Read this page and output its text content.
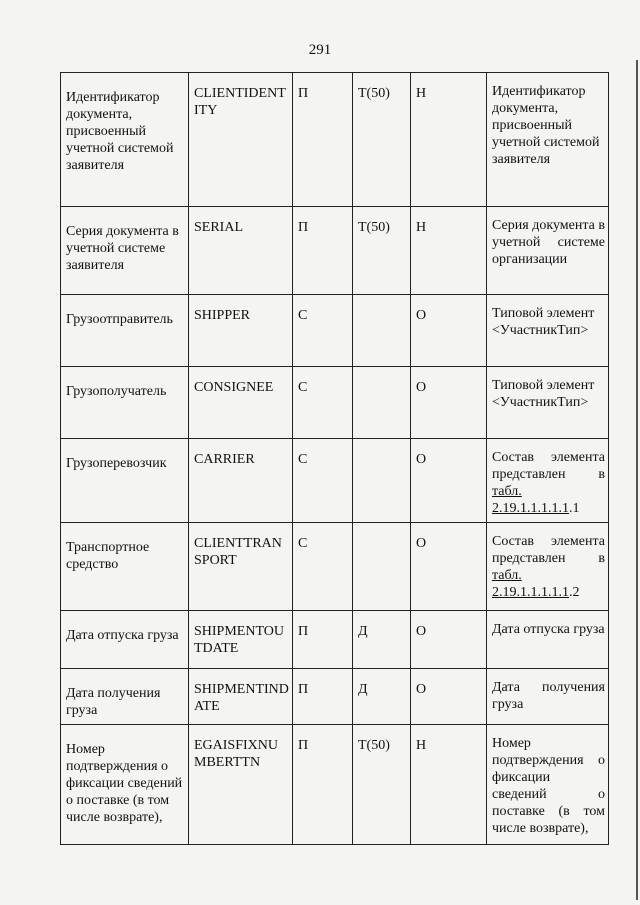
291
Идентификатор документа, присвоенный учетной системой заявителя	CLIENTIDENTITY	П	Т(50)	Н	Идентификатор документа, присвоенный учетной системой заявителя
Серия документа в учетной системе заявителя	SERIAL	П	Т(50)	Н	Серия документа в учетной системе организации
Грузоотправитель	SHIPPER	С		О	Типовой элемент <УчастникТип>
Грузополучатель	CONSIGNEE	С		О	Типовой элемент <УчастникТип>
Грузоперевозчик	CARRIER	С		О	Состав элемента представлен в табл. 2.19.1.1.1.1.1.1
Транспортное средство	CLIENTTRANSPORT	С		О	Состав элемента представлен в табл. 2.19.1.1.1.1.1.2
Дата отпуска груза	SHIPMENTOUTDATE	П	Д	О	Дата отпуска груза
Дата получения груза	SHIPMENTINDATE	П	Д	О	Дата получения груза
Номер подтверждения о фиксации сведений о поставке (в том числе возврате),	EGAISFIXNUMBERTTN	П	Т(50)	Н	Номер подтверждения о фиксации сведений о поставке (в том числе возврате),
